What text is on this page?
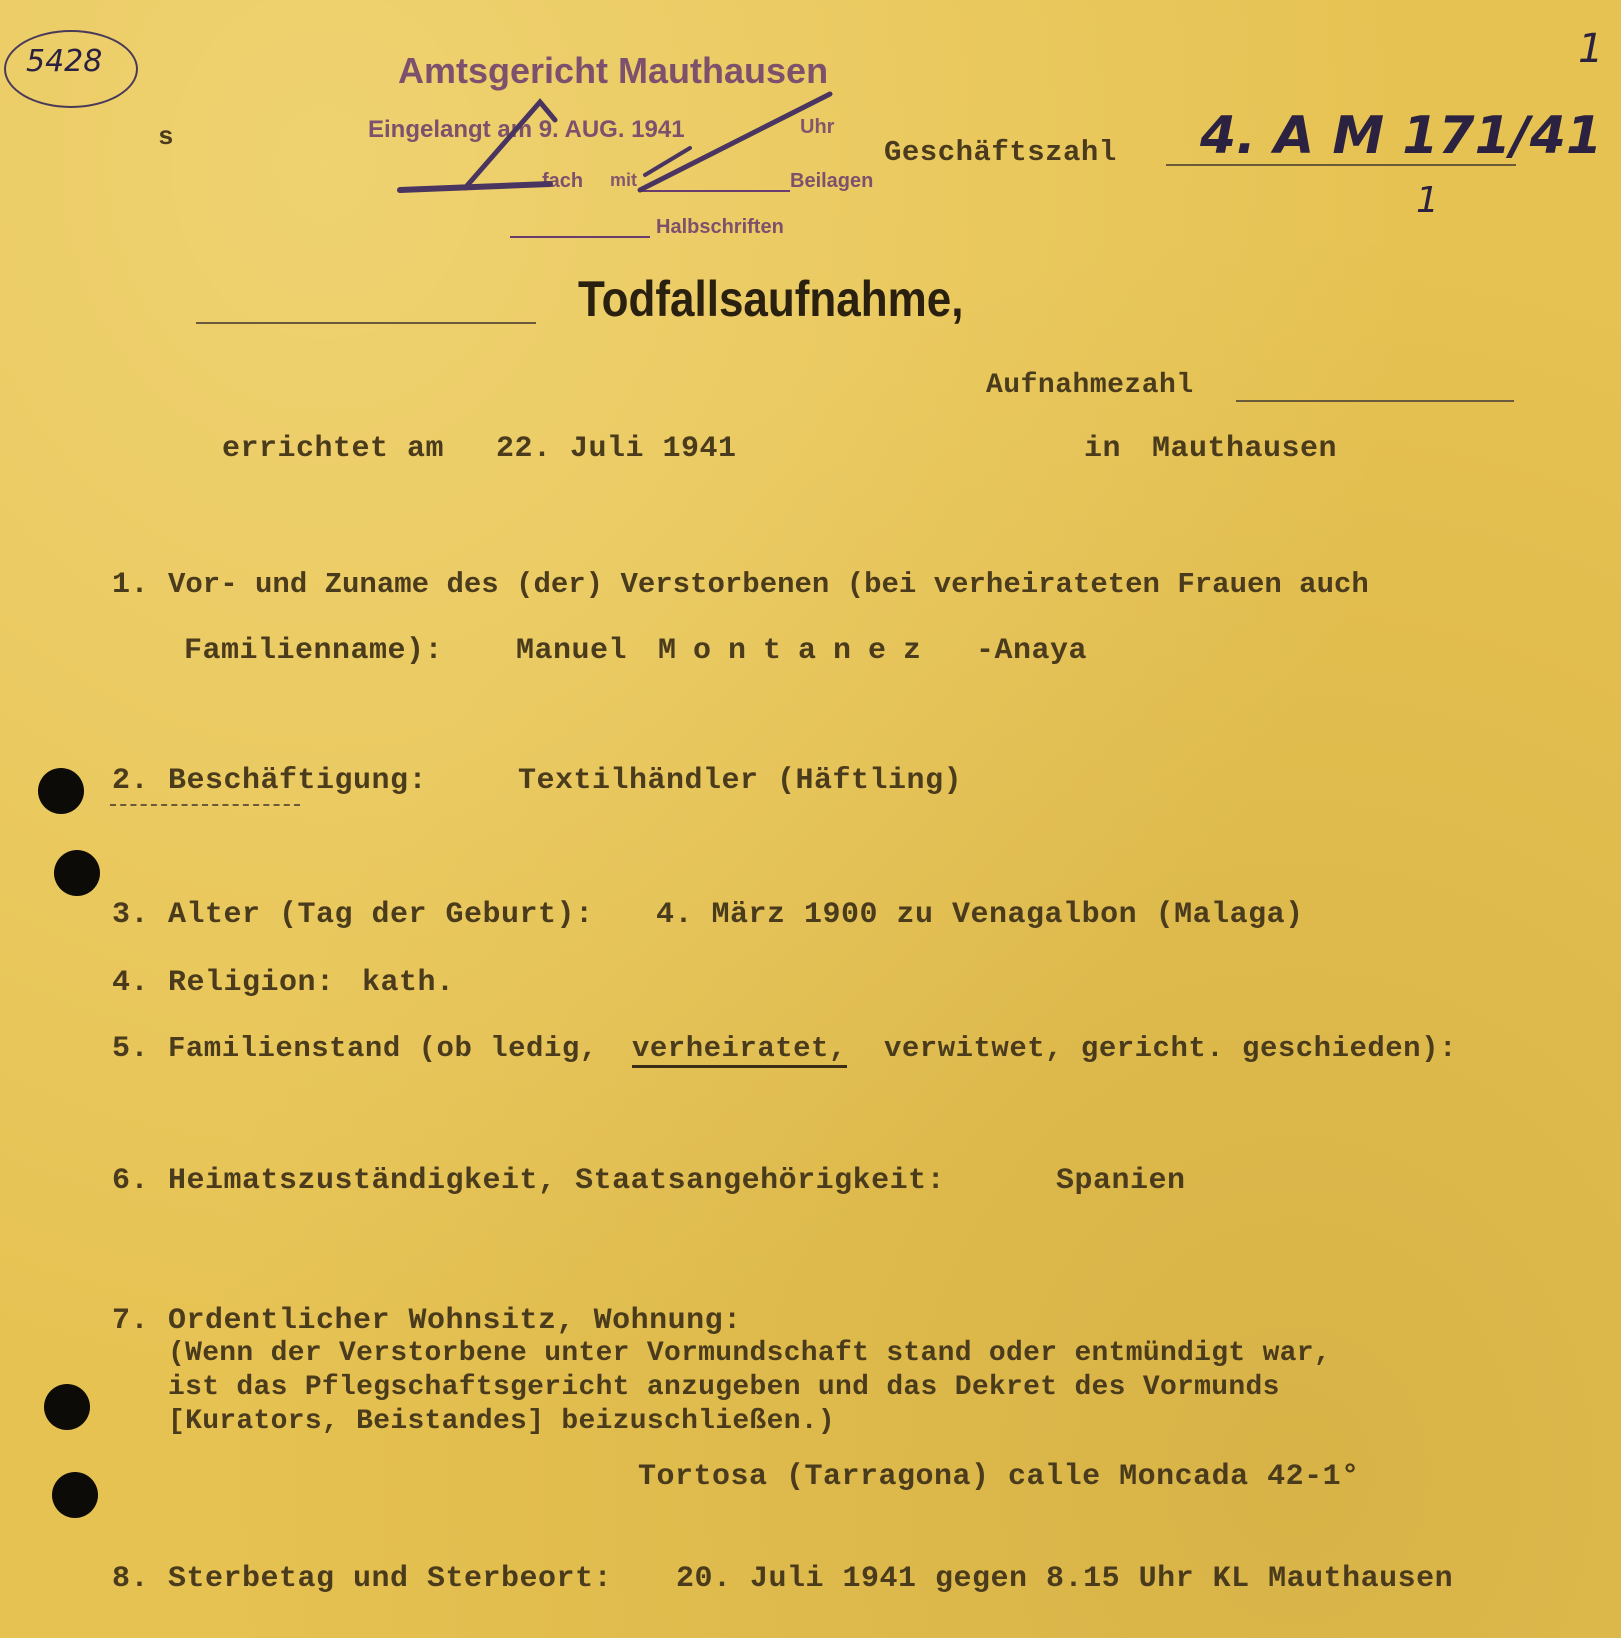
5428	1
Amtsgericht Mauthausen
Eingelangt am 9. AUG. 1941	Uhr
fach mit	Beilagen
Halbschriften
s	Geschäftszahl 4. A M 171/41
1
Todfallsaufnahme,
Aufnahmezahl
errichtet am 22. Juli 1941	in Mauthausen
1. Vor- und Zuname des (der) Verstorbenen (bei verheirateten Frauen auch
Familienname): Manuel Montanez -Anaya
2. Beschäftigung:	Textilhändler (Häftling)
3. Alter (Tag der Geburt): 4. März 1900 zu Venagalbon (Malaga)
4. Religion: kath.
5. Familienstand (ob ledig, verheiratet, verwitwet, gericht. geschieden):
6. Heimatszuständigkeit, Staatsangehörigkeit:	Spanien
7. Ordentlicher Wohnsitz, Wohnung:
(Wenn der Verstorbene unter Vormundschaft stand oder entmündigt war,
ist das Pflegschaftsgericht anzugeben und das Dekret des Vormunds
[Kurators, Beistandes] beizuschließen.)
Tortosa (Tarragona) calle Moncada 42-1°
8. Sterbetag und Sterbeort: 20. Juli 1941 gegen 8.15 Uhr KL Mauthausen
